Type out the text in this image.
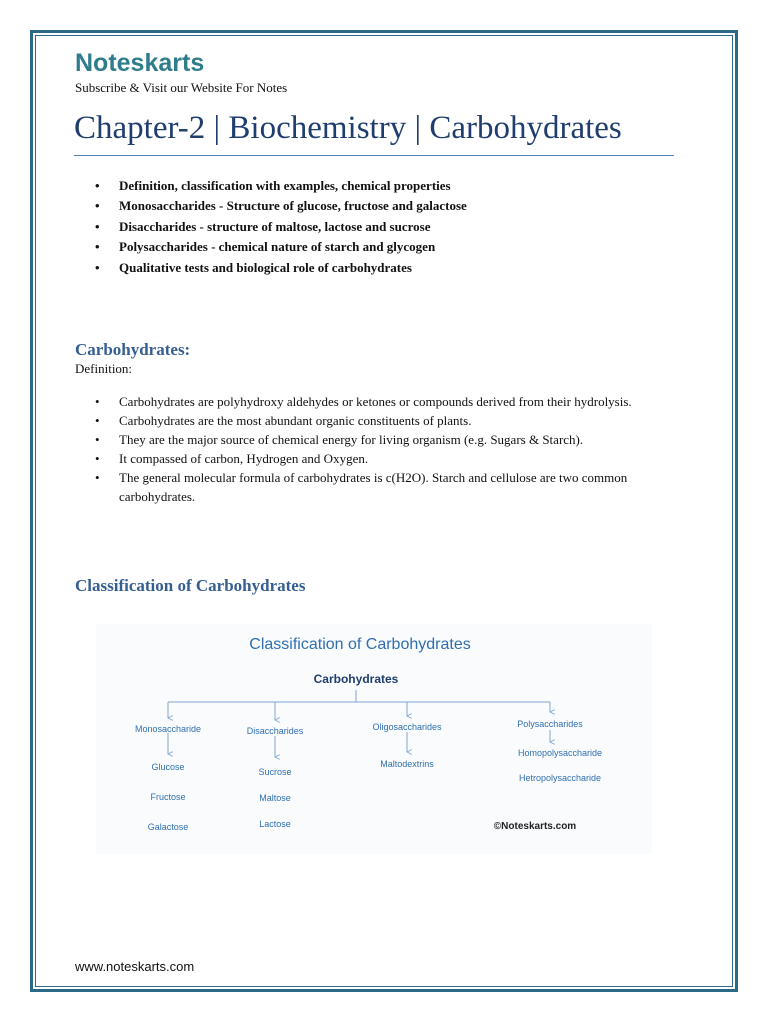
Noteskarts
Subscribe & Visit our Website For Notes
Chapter-2 | Biochemistry | Carbohydrates
• Definition, classification with examples, chemical properties
• Monosaccharides - Structure of glucose, fructose and galactose
• Disaccharides - structure of maltose, lactose and sucrose
• Polysaccharides - chemical nature of starch and glycogen
• Qualitative tests and biological role of carbohydrates
Carbohydrates:
Definition:
• Carbohydrates are polyhydroxy aldehydes or ketones or compounds derived from their hydrolysis.
• Carbohydrates are the most abundant organic constituents of plants.
• They are the major source of chemical energy for living organism (e.g. Sugars & Starch).
• It compassed of carbon, Hydrogen and Oxygen.
• The general molecular formula of carbohydrates is c(H2O). Starch and cellulose are two common carbohydrates.
Classification of Carbohydrates
Classification of Carbohydrates
Carbohydrates
Monosaccharide	Disaccharides	Oligosaccharides	Polysaccharides
Glucose
Fructose
Galactose
Sucrose
Maltose
Lactose
Maltodextrins
Homopolysaccharide
Hetropolysaccharide
©Noteskarts.com
www.noteskarts.com
